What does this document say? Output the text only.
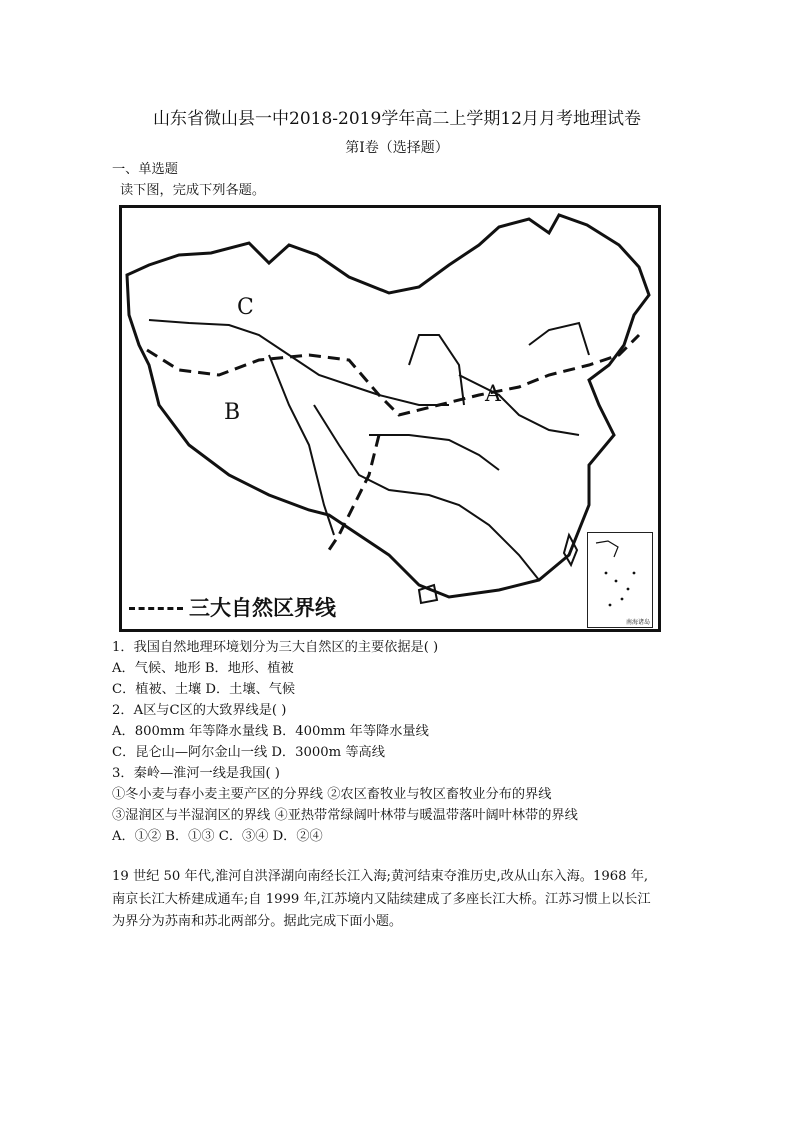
山东省微山县一中2018-2019学年高二上学期12月月考地理试卷
第Ⅰ卷（选择题）
一、单选题
读下图，完成下列各题。
C
B
A
三大自然区界线
南海诸岛
1．我国自然地理环境划分为三大自然区的主要依据是( )
A．气候、地形 B．地形、植被
C．植被、土壤 D．土壤、气候
2．A区与C区的大致界线是( )
A．800mm 年等降水量线 B．400mm 年等降水量线
C．昆仑山—阿尔金山一线 D．3000m 等高线
3．秦岭—淮河一线是我国( )
①冬小麦与春小麦主要产区的分界线 ②农区畜牧业与牧区畜牧业分布的界线
③湿润区与半湿润区的界线 ④亚热带常绿阔叶林带与暖温带落叶阔叶林带的界线
A．①② B．①③ C．③④ D．②④
19 世纪 50 年代,淮河自洪泽湖向南经长江入海;黄河结束夺淮历史,改从山东入海。1968 年,
南京长江大桥建成通车;自 1999 年,江苏境内又陆续建成了多座长江大桥。江苏习惯上以长江
为界分为苏南和苏北两部分。据此完成下面小题。
